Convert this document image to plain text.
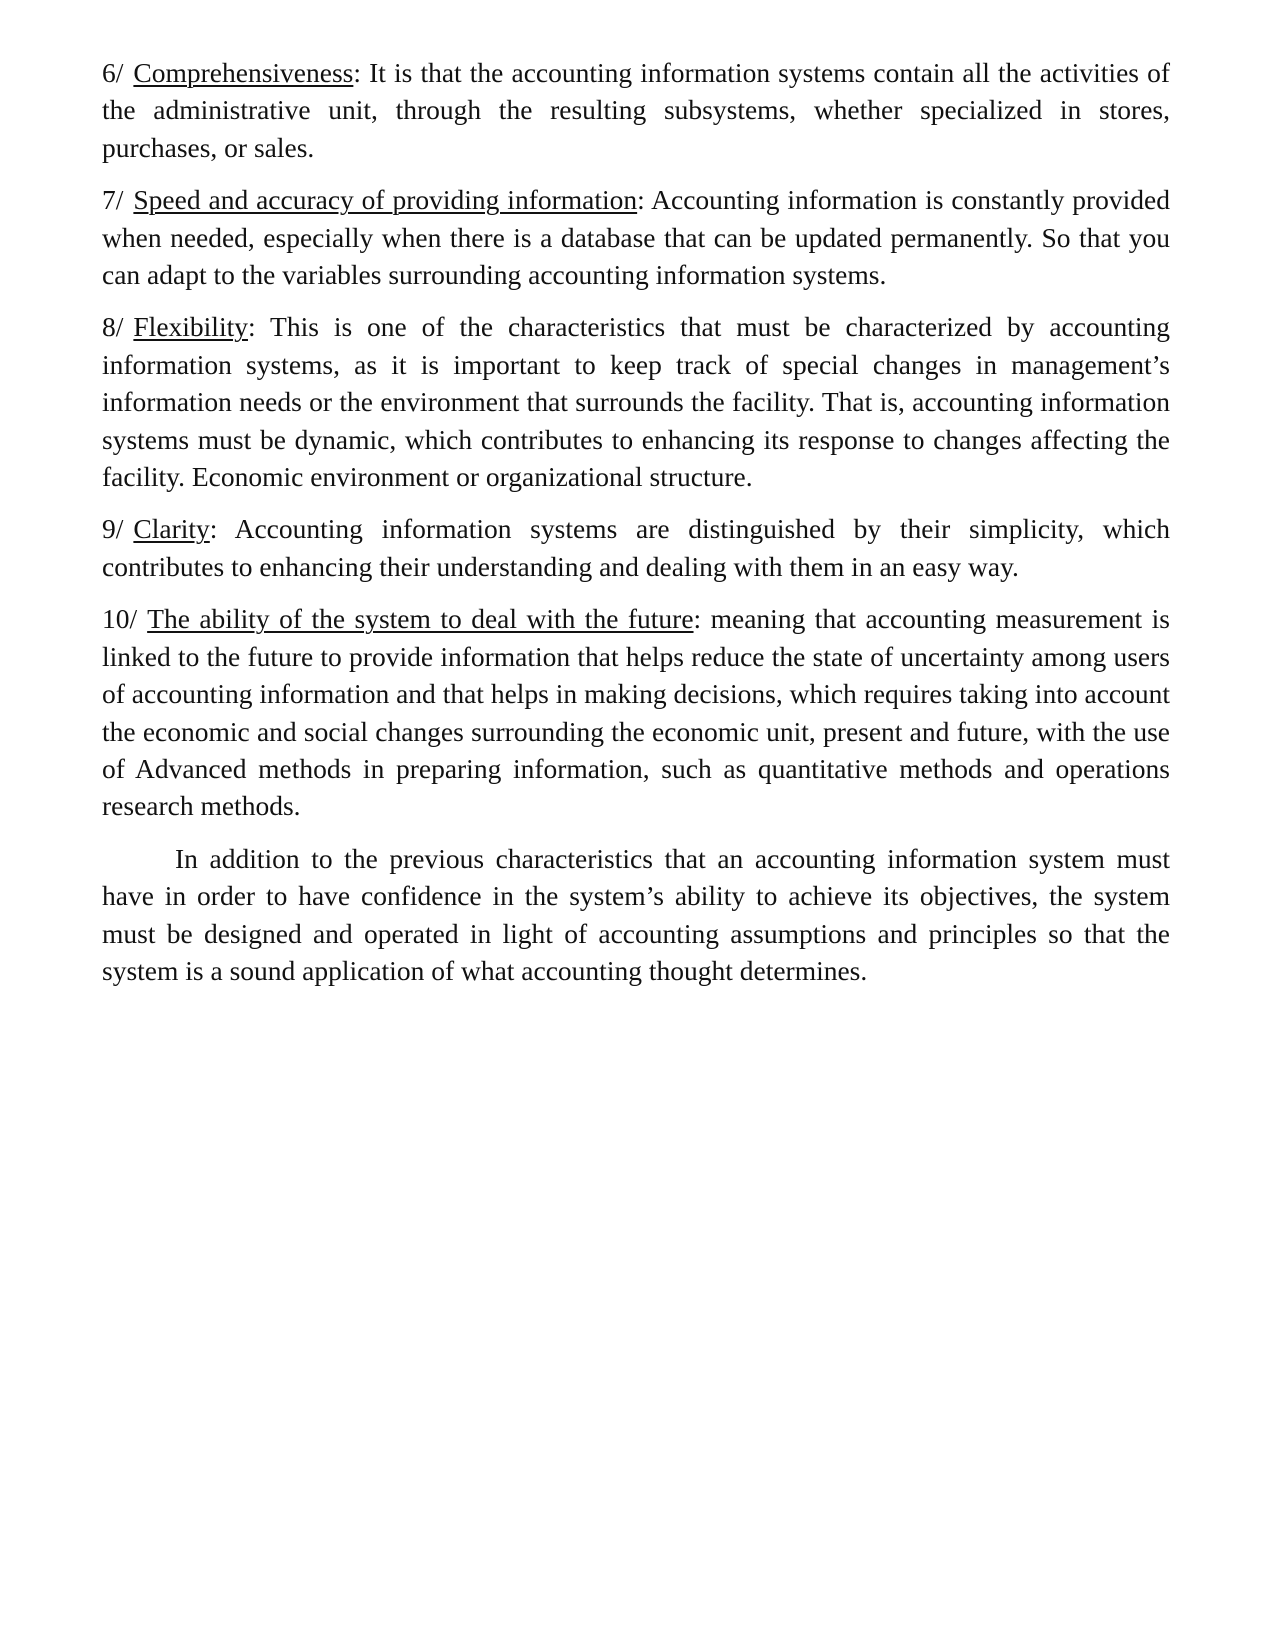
6/ Comprehensiveness: It is that the accounting information systems contain all the activities of the administrative unit, through the resulting subsystems, whether specialized in stores, purchases, or sales.

7/ Speed and accuracy of providing information: Accounting information is constantly provided when needed, especially when there is a database that can be updated permanently. So that you can adapt to the variables surrounding accounting information systems.

8/ Flexibility: This is one of the characteristics that must be characterized by accounting information systems, as it is important to keep track of special changes in management’s information needs or the environment that surrounds the facility. That is, accounting information systems must be dynamic, which contributes to enhancing its response to changes affecting the facility. Economic environment or organizational structure.

9/ Clarity: Accounting information systems are distinguished by their simplicity, which contributes to enhancing their understanding and dealing with them in an easy way.

10/ The ability of the system to deal with the future: meaning that accounting measurement is linked to the future to provide information that helps reduce the state of uncertainty among users of accounting information and that helps in making decisions, which requires taking into account the economic and social changes surrounding the economic unit, present and future, with the use of Advanced methods in preparing information, such as quantitative methods and operations research methods.

In addition to the previous characteristics that an accounting information system must have in order to have confidence in the system’s ability to achieve its objectives, the system must be designed and operated in light of accounting assumptions and principles so that the system is a sound application of what accounting thought determines.
